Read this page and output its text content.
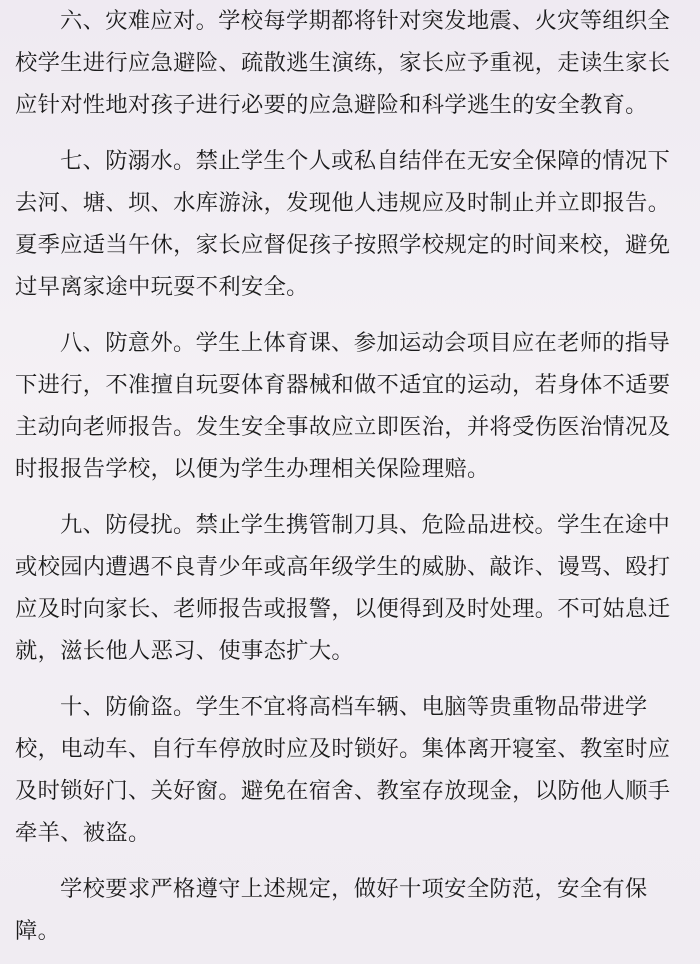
六、灾难应对。学校每学期都将针对突发地震、火灾等组织全
校学生进行应急避险、疏散逃生演练，家长应予重视，走读生家长
应针对性地对孩子进行必要的应急避险和科学逃生的安全教育。
七、防溺水。禁止学生个人或私自结伴在无安全保障的情况下
去河、塘、坝、水库游泳，发现他人违规应及时制止并立即报告。
夏季应适当午休，家长应督促孩子按照学校规定的时间来校，避免
过早离家途中玩耍不利安全。
八、防意外。学生上体育课、参加运动会项目应在老师的指导
下进行，不准擅自玩耍体育器械和做不适宜的运动，若身体不适要
主动向老师报告。发生安全事故应立即医治，并将受伤医治情况及
时报报告学校，以便为学生办理相关保险理赔。
九、防侵扰。禁止学生携管制刀具、危险品进校。学生在途中
或校园内遭遇不良青少年或高年级学生的威胁、敲诈、谩骂、殴打
应及时向家长、老师报告或报警，以便得到及时处理。不可姑息迁
就，滋长他人恶习、使事态扩大。
十、防偷盗。学生不宜将高档车辆、电脑等贵重物品带进学
校，电动车、自行车停放时应及时锁好。集体离开寝室、教室时应
及时锁好门、关好窗。避免在宿舍、教室存放现金，以防他人顺手
牵羊、被盗。
学校要求严格遵守上述规定，做好十项安全防范，安全有保
障。
